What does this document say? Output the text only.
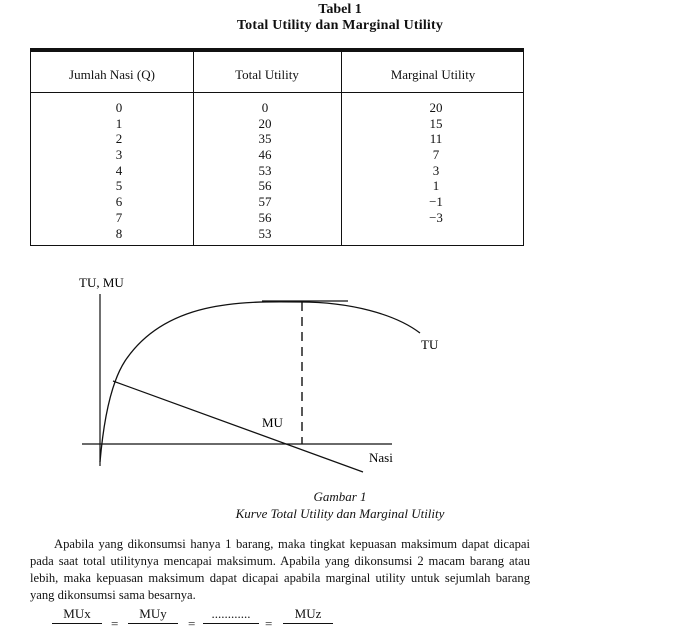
Tabel 1
Total Utility dan Marginal Utility
Jumlah Nasi (Q)	Total Utility	Marginal Utility
0
1
2
3
4
5
6
7
8
0
20
35
46
53
56
57
56
53
20
15
11
7
3
1
−1
−3
TU, MU
Nasi
TU
MU
Gambar 1
Kurve Total Utility dan Marginal Utility

Apabila yang dikonsumsi hanya 1 barang, maka tingkat kepuasan maksimum dapat dicapai pada saat total utilitynya mencapai maksimum. Apabila yang dikonsumsi 2 macam barang atau lebih, maka kepuasan maksimum dapat dicapai apabila marginal utility untuk sejumlah barang yang dikonsumsi sama besarnya.

MUx
=
MUy
=
............
=
MUz
